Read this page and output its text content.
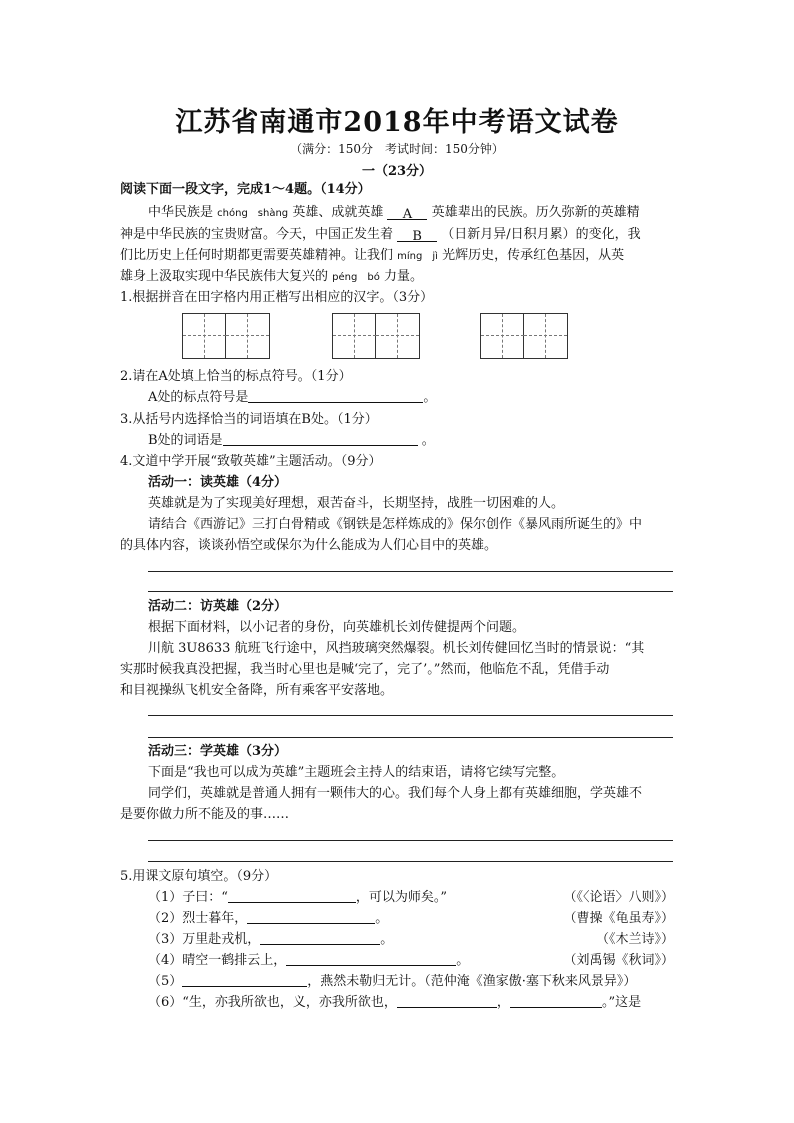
江苏省南通市2018年中考语文试卷
（满分：150分　考试时间：150分钟）
一（23分）
阅读下面一段文字，完成1～4题。（14分）
中华民族是 chóng　shàng 英雄、成就英雄 A 英雄辈出的民族。历久弥新的英雄精
神是中华民族的宝贵财富。今天，中国正发生着 B （日新月异/日积月累）的变化，我
们比历史上任何时期都更需要英雄精神。让我们 míng　jì 光辉历史，传承红色基因，从英
雄身上汲取实现中华民族伟大复兴的 péng　bó 力量。
1.根据拼音在田字格内用正楷写出相应的汉字。（3分）
2.请在A处填上恰当的标点符号。（1分）
A处的标点符号是	。
3.从括号内选择恰当的词语填在B处。（1分）
B处的词语是	。
4.文道中学开展“致敬英雄”主题活动。（9分）
活动一：读英雄（4分）
英雄就是为了实现美好理想，艰苦奋斗，长期坚持，战胜一切困难的人。
请结合《西游记》三打白骨精或《钢铁是怎样炼成的》保尔创作《暴风雨所诞生的》中
的具体内容，谈谈孙悟空或保尔为什么能成为人们心目中的英雄。
活动二：访英雄（2分）
根据下面材料，以小记者的身份，向英雄机长刘传健提两个问题。
川航 3U8633 航班飞行途中，风挡玻璃突然爆裂。机长刘传健回忆当时的情景说：“其
实那时候我真没把握，我当时心里也是喊‘完了，完了’。”然而，他临危不乱，凭借手动
和目视操纵飞机安全备降，所有乘客平安落地。
活动三：学英雄（3分）
下面是“我也可以成为英雄”主题班会主持人的结束语，请将它续写完整。
同学们，英雄就是普通人拥有一颗伟大的心。我们每个人身上都有英雄细胞，学英雄不
是要你做力所不能及的事……
5.用课文原句填空。（9分）
（1）子曰：“	，可以为师矣。”	（《〈论语〉八则》）
（2）烈士暮年，	。	（曹操《龟虽寿》）
（3）万里赴戎机，	。	（《木兰诗》）
（4）晴空一鹤排云上，	。	（刘禹锡《秋词》）
（5）	，燕然未勒归无计。（范仲淹《渔家傲·塞下秋来风景异》）
（6）“生，亦我所欲也，义，亦我所欲也，	，	。”这是
